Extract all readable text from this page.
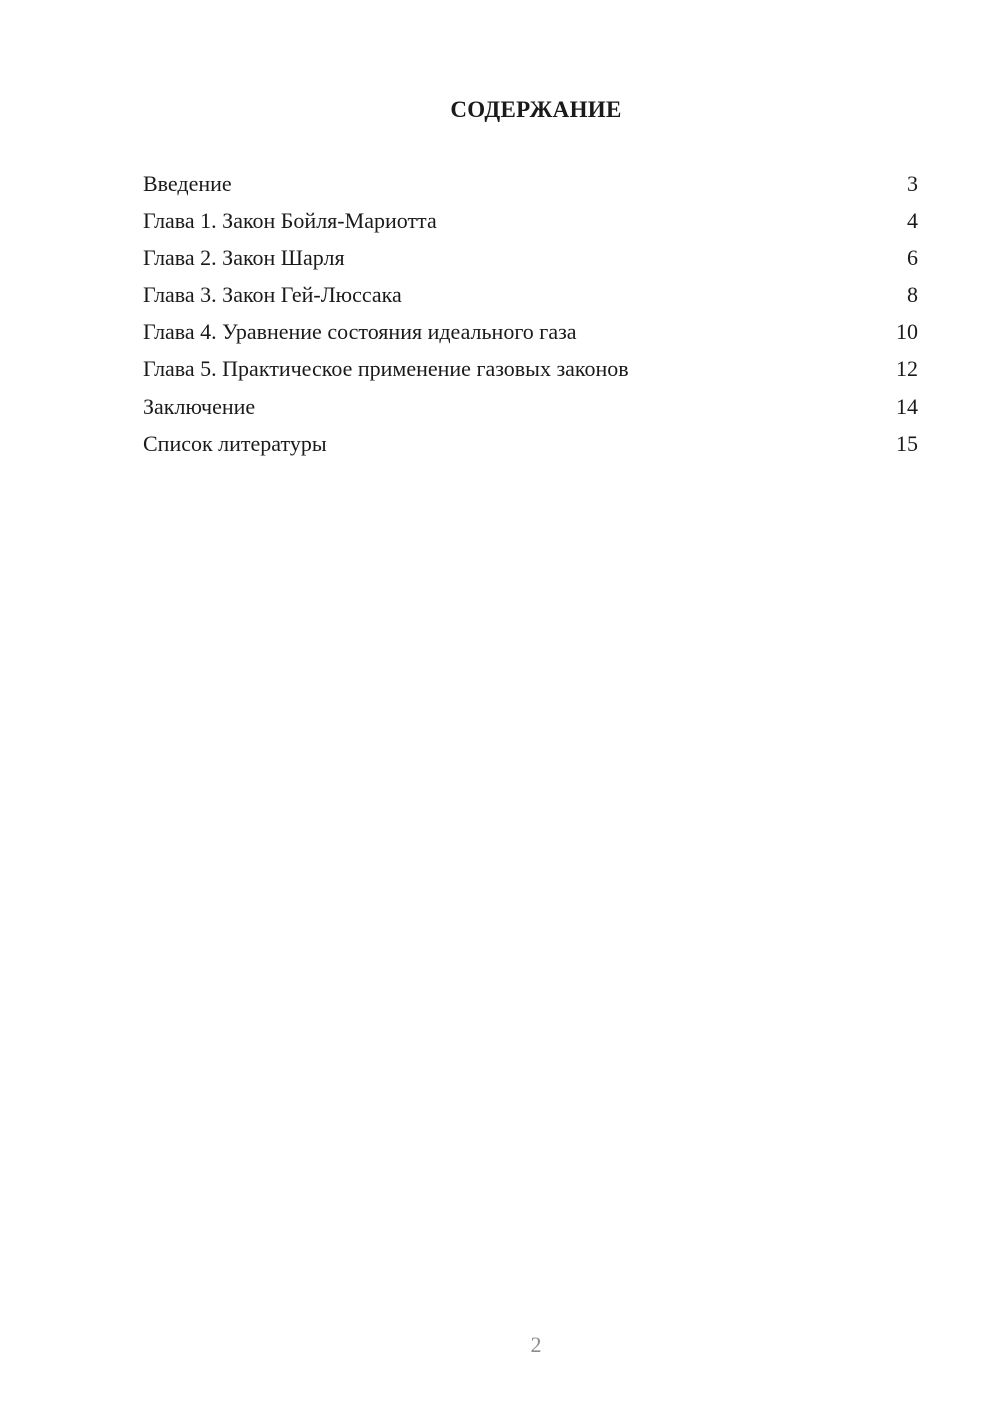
СОДЕРЖАНИЕ
Введение	3
Глава 1. Закон Бойля-Мариотта	4
Глава 2. Закон Шарля	6
Глава 3. Закон Гей-Люссака	8
Глава 4. Уравнение состояния идеального газа	10
Глава 5. Практическое применение газовых законов	12
Заключение	14
Список литературы	15
2
